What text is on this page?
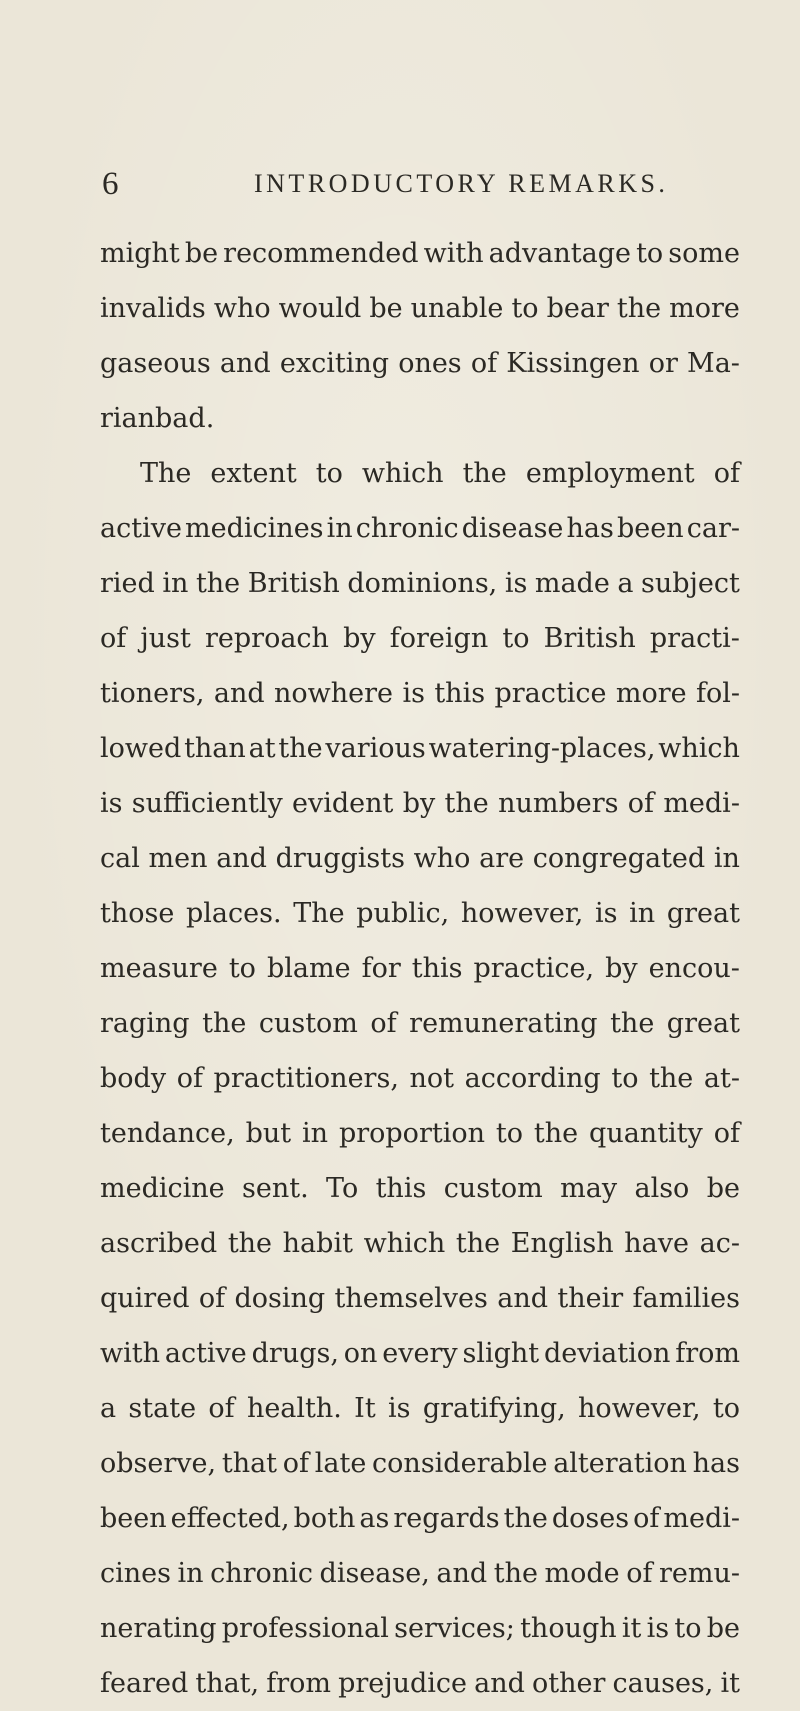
6	INTRODUCTORY REMARKS.
might be recommended with advantage to some
invalids who would be unable to bear the more
gaseous and exciting ones of Kissingen or Ma-
rianbad.
The extent to which the employment of
active medicines in chronic disease has been car-
ried in the British dominions, is made a subject
of just reproach by foreign to British practi-
tioners, and nowhere is this practice more fol-
lowed than at the various watering-places, which
is sufficiently evident by the numbers of medi-
cal men and druggists who are congregated in
those places. The public, however, is in great
measure to blame for this practice, by encou-
raging the custom of remunerating the great
body of practitioners, not according to the at-
tendance, but in proportion to the quantity of
medicine sent. To this custom may also be
ascribed the habit which the English have ac-
quired of dosing themselves and their families
with active drugs, on every slight deviation from
a state of health. It is gratifying, however, to
observe, that of late considerable alteration has
been effected, both as regards the doses of medi-
cines in chronic disease, and the mode of remu-
nerating professional services; though it is to be
feared that, from prejudice and other causes, it
